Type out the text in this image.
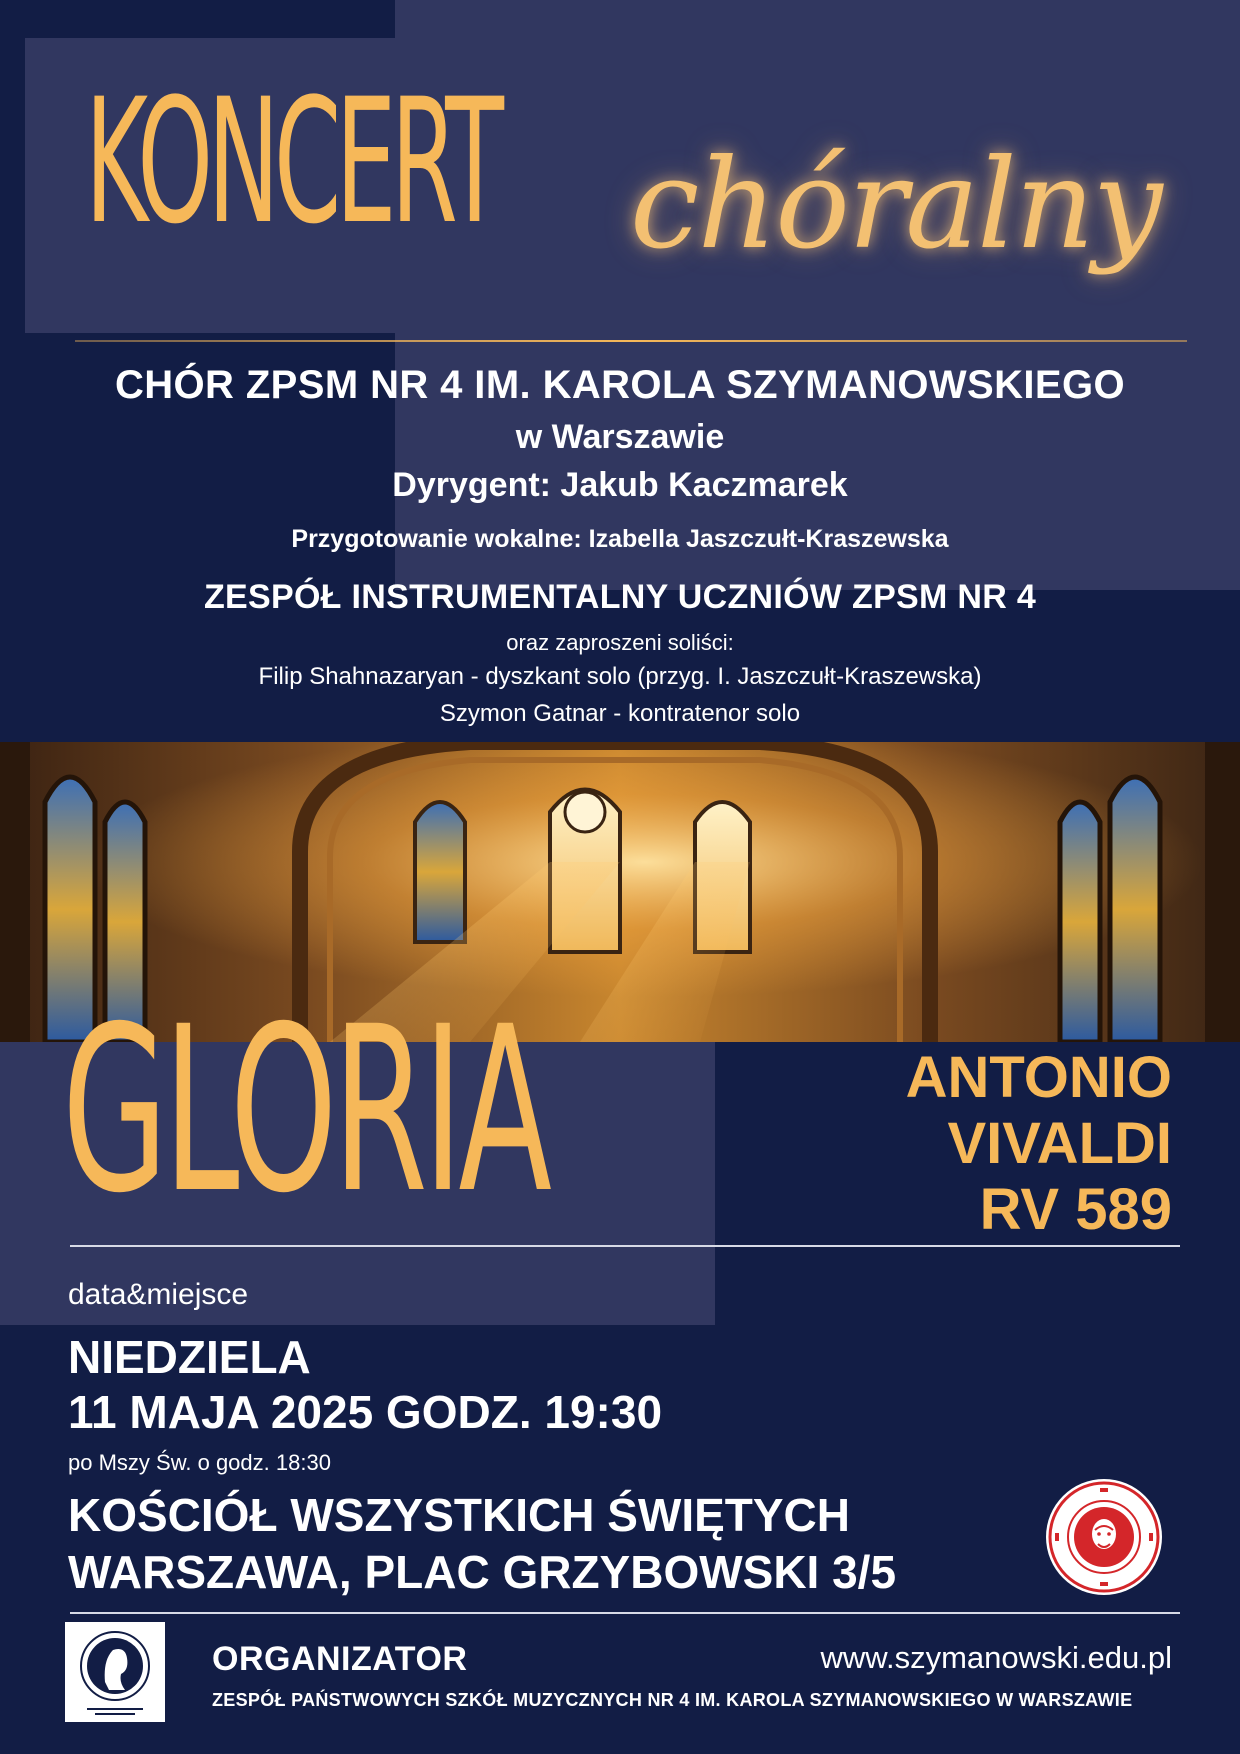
KONCERT chóralny
CHÓR ZPSM NR 4 IM. KAROLA SZYMANOWSKIEGO
w Warszawie
Dyrygent: Jakub Kaczmarek
Przygotowanie wokalne: Izabella Jaszczułt-Kraszewska
ZESPÓŁ INSTRUMENTALNY UCZNIÓW ZPSM NR 4
oraz zaproszeni soliści:
Filip Shahnazaryan - dyszkant solo (przyg. I. Jaszczułt-Kraszewska)
Szymon Gatnar - kontratenor solo
GLORIA	ANTONIO
VIVALDI
RV 589
data&miejsce
NIEDZIELA
11 MAJA 2025 GODZ. 19:30
po Mszy Św. o godz. 18:30
KOŚCIÓŁ WSZYSTKICH ŚWIĘTYCH
WARSZAWA, PLAC GRZYBOWSKI 3/5
ORGANIZATOR	www.szymanowski.edu.pl
ZESPÓŁ PAŃSTWOWYCH SZKÓŁ MUZYCZNYCH NR 4 IM. KAROLA SZYMANOWSKIEGO W WARSZAWIE
